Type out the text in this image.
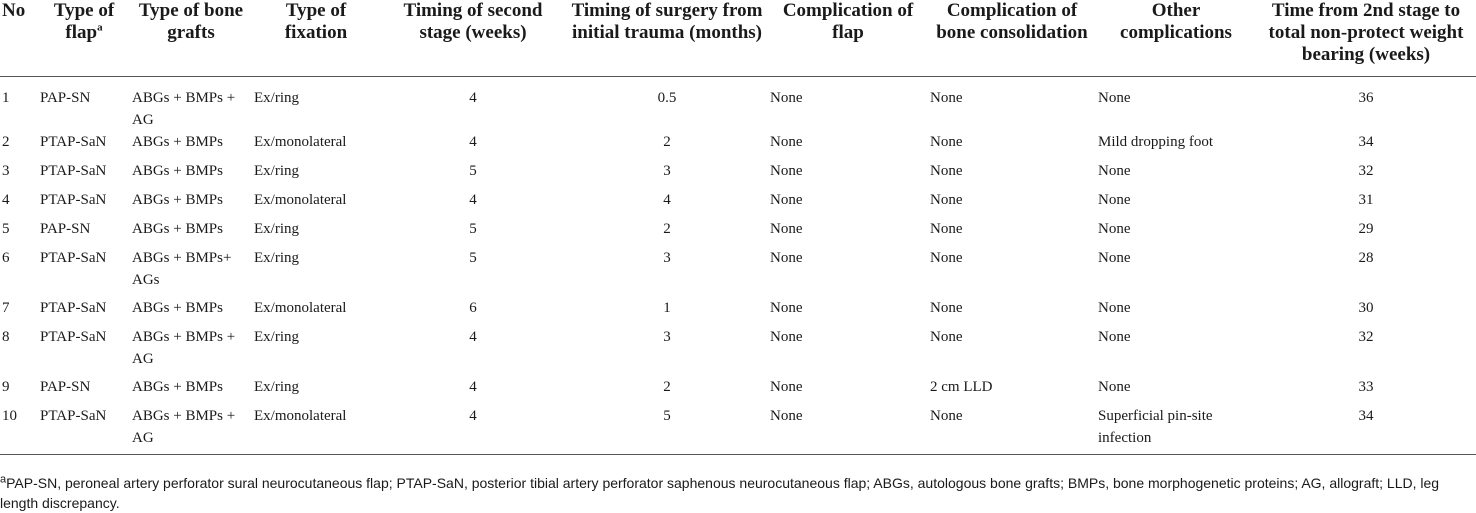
No	Type of flap$^a$	Type of bone grafts	Type of fixation	Timing of second stage (weeks)	Timing of surgery from initial trauma (months)	Complication of flap	Complication of bone consolidation	Other complications	Time from 2nd stage to total non-protect weight bearing (weeks)
1	PAP-SN	ABGs + BMPs + AG	Ex/ring	4	0.5	None	None	None	36
2	PTAP-SaN	ABGs + BMPs	Ex/monolateral	4	2	None	None	Mild dropping foot	34
3	PTAP-SaN	ABGs + BMPs	Ex/ring	5	3	None	None	None	32
4	PTAP-SaN	ABGs + BMPs	Ex/monolateral	4	4	None	None	None	31
5	PAP-SN	ABGs + BMPs	Ex/ring	5	2	None	None	None	29
6	PTAP-SaN	ABGs + BMPs+ AGs	Ex/ring	5	3	None	None	None	28
7	PTAP-SaN	ABGs + BMPs	Ex/monolateral	6	1	None	None	None	30
8	PTAP-SaN	ABGs + BMPs + AG	Ex/ring	4	3	None	None	None	32
9	PAP-SN	ABGs + BMPs	Ex/ring	4	2	None	2 cm LLD	None	33
10	PTAP-SaN	ABGs + BMPs + AG	Ex/monolateral	4	5	None	None	Superficial pin-site infection	34
$^a$PAP-SN, peroneal artery perforator sural neurocutaneous flap; PTAP-SaN, posterior tibial artery perforator saphenous neurocutaneous flap; ABGs, autologous bone grafts; BMPs, bone morphogenetic proteins; AG, allograft; LLD, leg length discrepancy.
